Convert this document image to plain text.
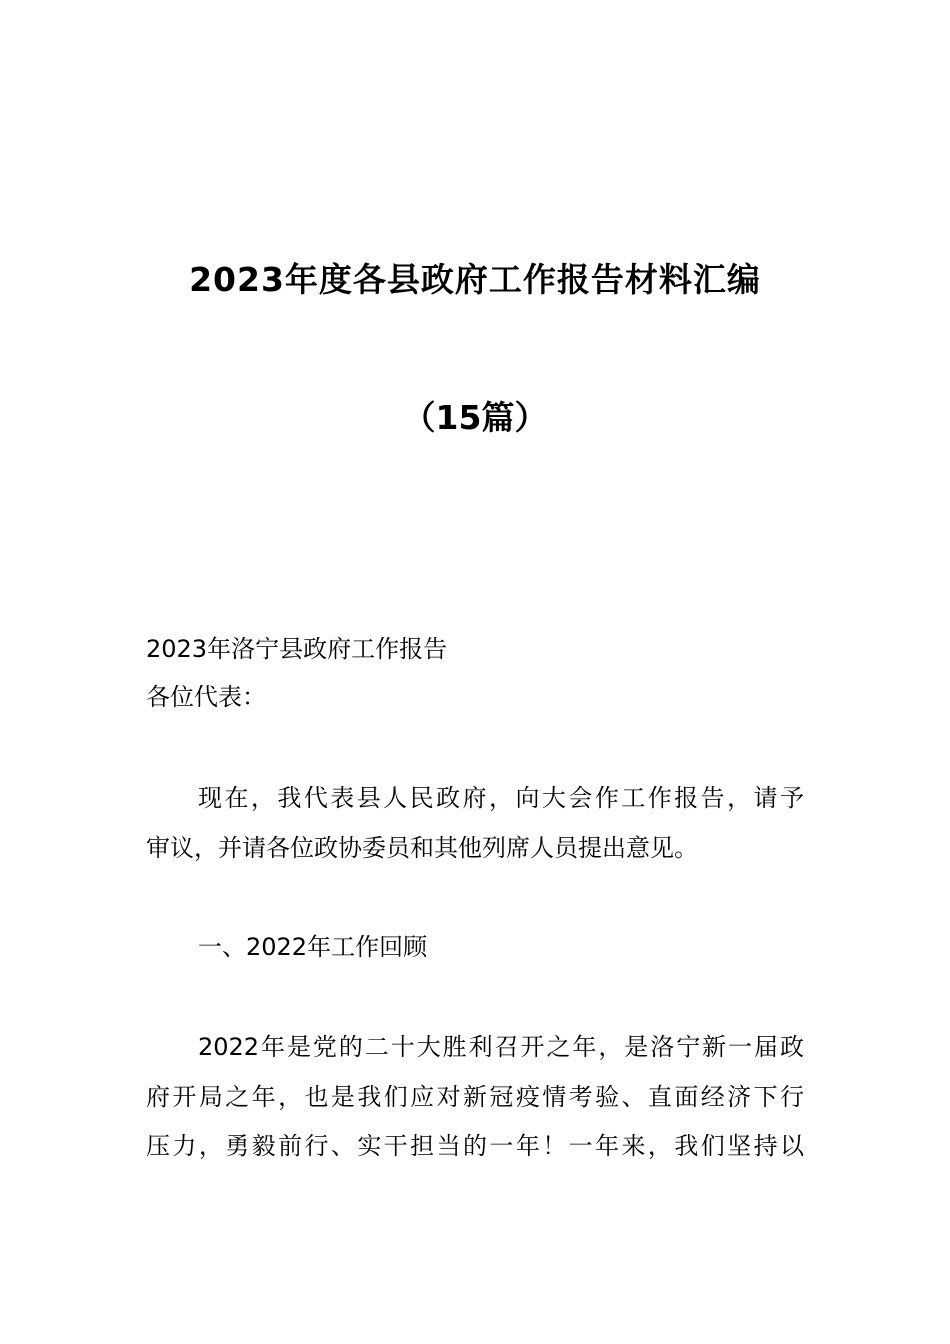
2023年度各县政府工作报告材料汇编
（15篇）
2023年洛宁县政府工作报告
各位代表：
现在，我代表县人民政府，向大会作工作报告，请予
审议，并请各位政协委员和其他列席人员提出意见。
一、2022年工作回顾
2022年是党的二十大胜利召开之年，是洛宁新一届政
府开局之年，也是我们应对新冠疫情考验、直面经济下行
压力，勇毅前行、实干担当的一年！一年来，我们坚持以
